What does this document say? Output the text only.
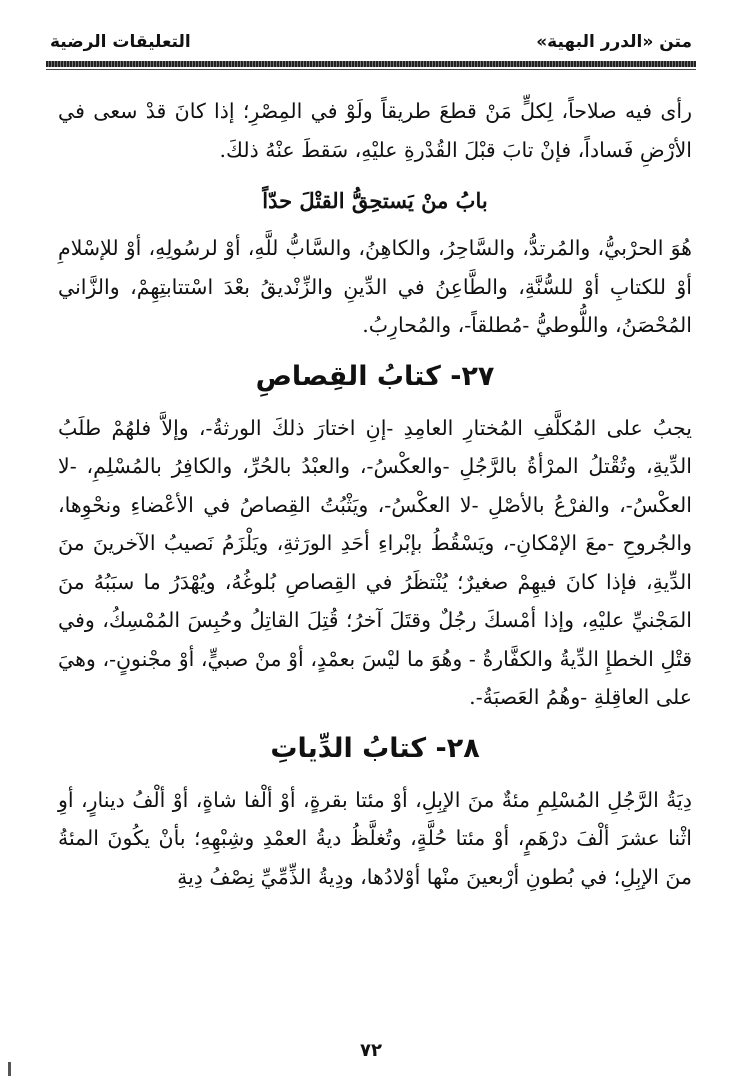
متن «الدرر البهية»
التعليقات الرضية

رأى فيه صلاحاً، لِكلٍّ مَنْ قطعَ طريقاً ولَوْ في المِصْرِ؛ إذا كانَ قدْ سعى في الأرْضِ فَساداً، فإنْ تابَ قبْلَ القُدْرةِ عليْهِ، سَقطَ عنْهُ ذلكَ.

بابُ منْ يَستحِقُّ القتْلَ حدّاً

هُوَ الحرْبيُّ، والمُرتدُّ، والسَّاحِرُ، والكاهِنُ، والسَّابُّ للَّهِ، أوْ لرسُولِهِ، أوْ للإسْلامِ أوْ للكتابِ أوْ للسُّنَّةِ، والطَّاعِنُ في الدِّينِ والزِّنْديقُ بعْدَ اسْتتابتِهِمْ، والزَّاني المُحْصَنُ، واللُّوطيُّ -مُطلقاً-، والمُحارِبُ.

٢٧- كتابُ القِصاصِ

يجبُ على المُكلَّفِ المُختارِ العامِدِ -إنِ اختارَ ذلكَ الورثةُ-، وإلاَّ فلهُمْ طلَبُ الدِّيةِ، وتُقْتلُ المرْأةُ بالرَّجُلِ -والعكْسُ-، والعبْدُ بالحُرِّ، والكافِرُ بالمُسْلِمِ، -لا العكْسُ-، والفرْعُ بالأصْلِ -لا العكْسُ-، ويَثْبُتُ القِصاصُ في الأعْضاءِ ونحْوِها، والجُروحِ -معَ الإمْكانِ-، ويَسْقُطُ بإبْراءِ أحَدِ الورَثةِ، ويَلْزَمُ نَصيبُ الآخرينَ منَ الدِّيةِ، فإذا كانَ فيهِمْ صغيرٌ؛ يُنْتظَرُ في القِصاصِ بُلوغُهُ، ويُهْدَرُ ما سبَبُهُ منَ المَجْنيِّ عليْهِ، وإذا أمْسكَ رجُلٌ وقتَلَ آخرُ؛ قُتِلَ القاتِلُ وحُبِسَ المُمْسِكُ، وفي قتْلِ الخطإِ الدِّيةُ والكفَّارةُ - وهُوَ ما ليْسَ بعمْدٍ، أوْ منْ صبيٍّ، أوْ مجْنونٍ-، وهيَ على العاقِلةِ -وهُمُ العَصبَةُ-.

٢٨- كتابُ الدِّياتِ

دِيَةُ الرَّجُلِ المُسْلِمِ مئةٌ منَ الإبِلِ، أوْ مئتا بقرةٍ، أوْ ألْفا شاةٍ، أوْ ألْفُ دينارٍ، أوِ اثْنا عشرَ ألْفَ درْهَمٍ، أوْ مئتا حُلَّةٍ، وتُغلَّظُ ديةُ العمْدِ وشِبْهِهِ؛ بأنْ يكُونَ المئةُ منَ الإبِلِ؛ في بُطونِ أرْبعينَ منْها أوْلادُها، ودِيةُ الذِّمِّيِّ نِصْفُ دِيةِ

٧٢
